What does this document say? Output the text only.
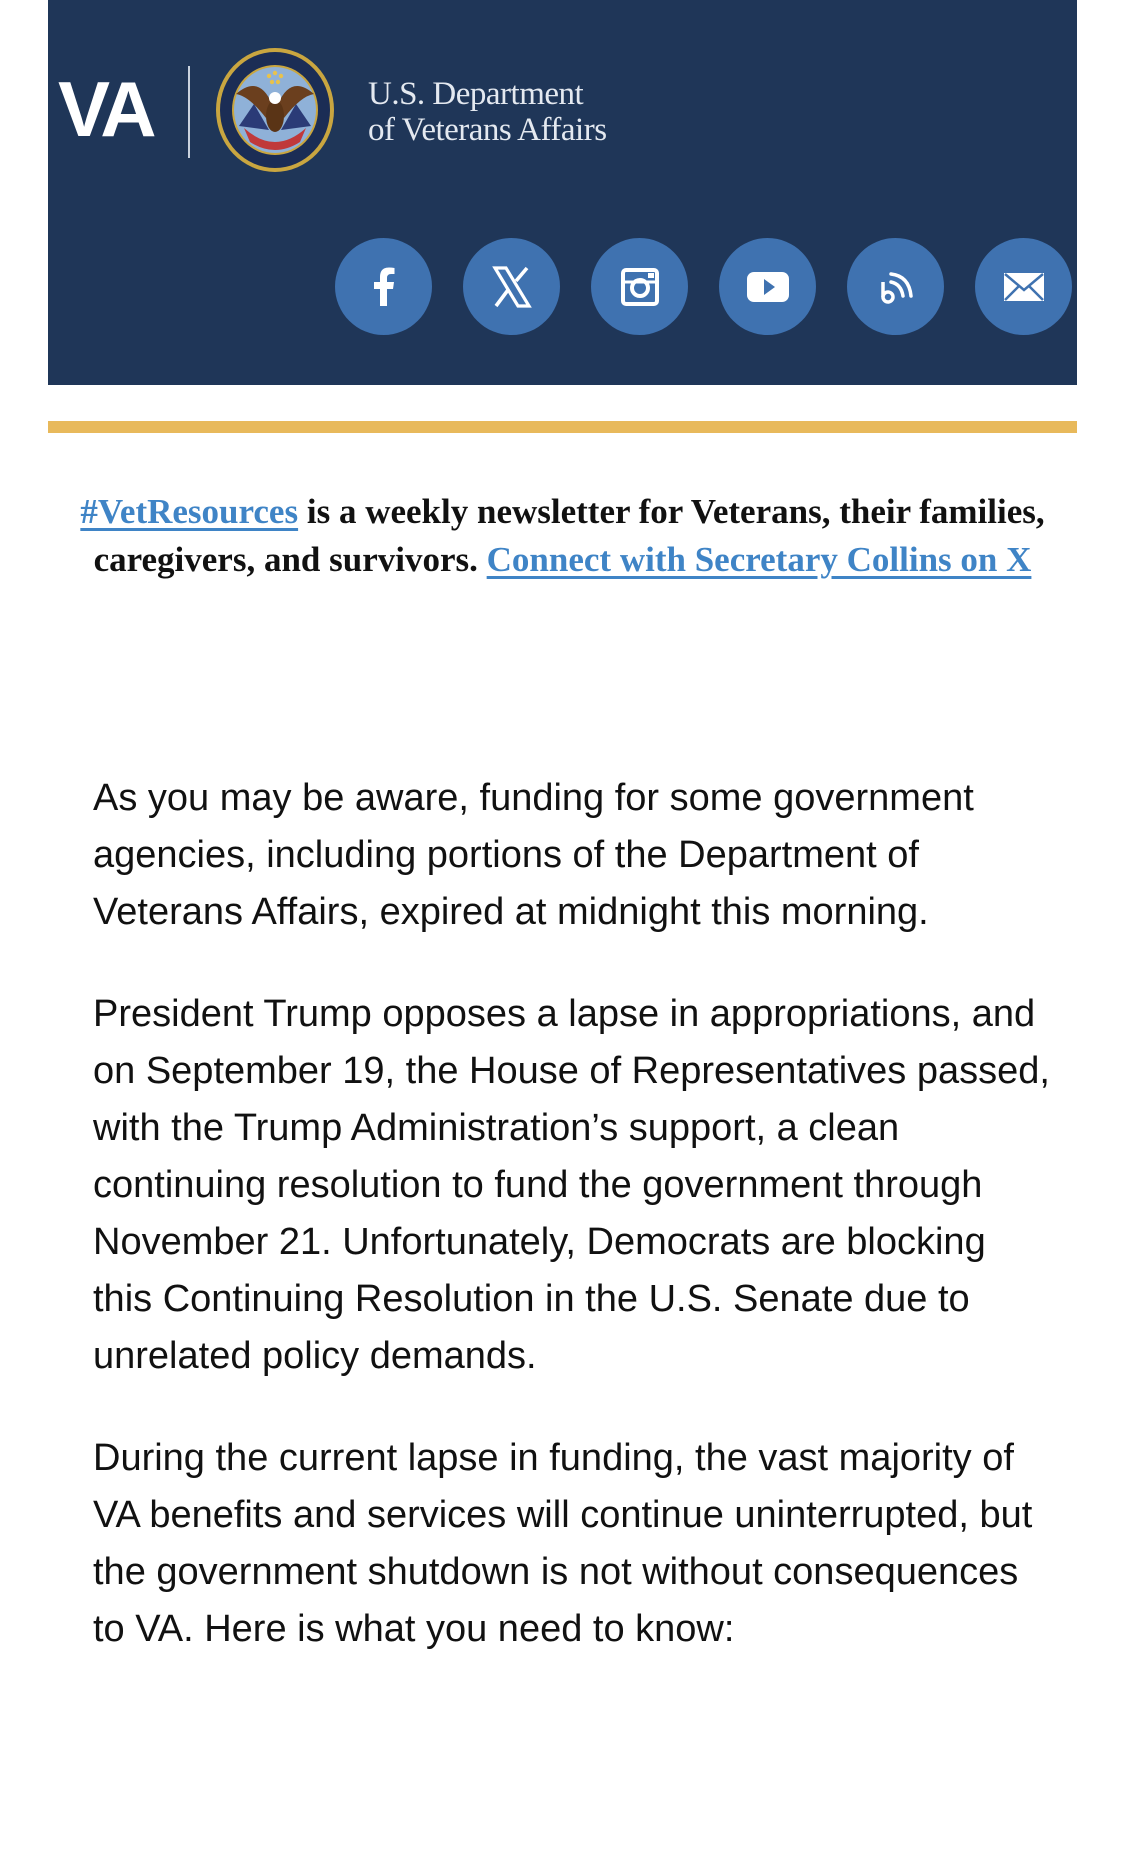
VA	U.S. Department
of Veterans Affairs
#VetResources is a weekly newsletter for Veterans, their families, caregivers, and survivors. Connect with Secretary Collins on X

As you may be aware, funding for some government agencies, including portions of the Department of Veterans Affairs, expired at midnight this morning.

President Trump opposes a lapse in appropriations, and on September 19, the House of Representatives passed, with the Trump Administration’s support, a clean continuing resolution to fund the government through November 21. Unfortunately, Democrats are blocking this Continuing Resolution in the U.S. Senate due to unrelated policy demands.

During the current lapse in funding, the vast majority of VA benefits and services will continue uninterrupted, but the government shutdown is not without consequences to VA. Here is what you need to know:
